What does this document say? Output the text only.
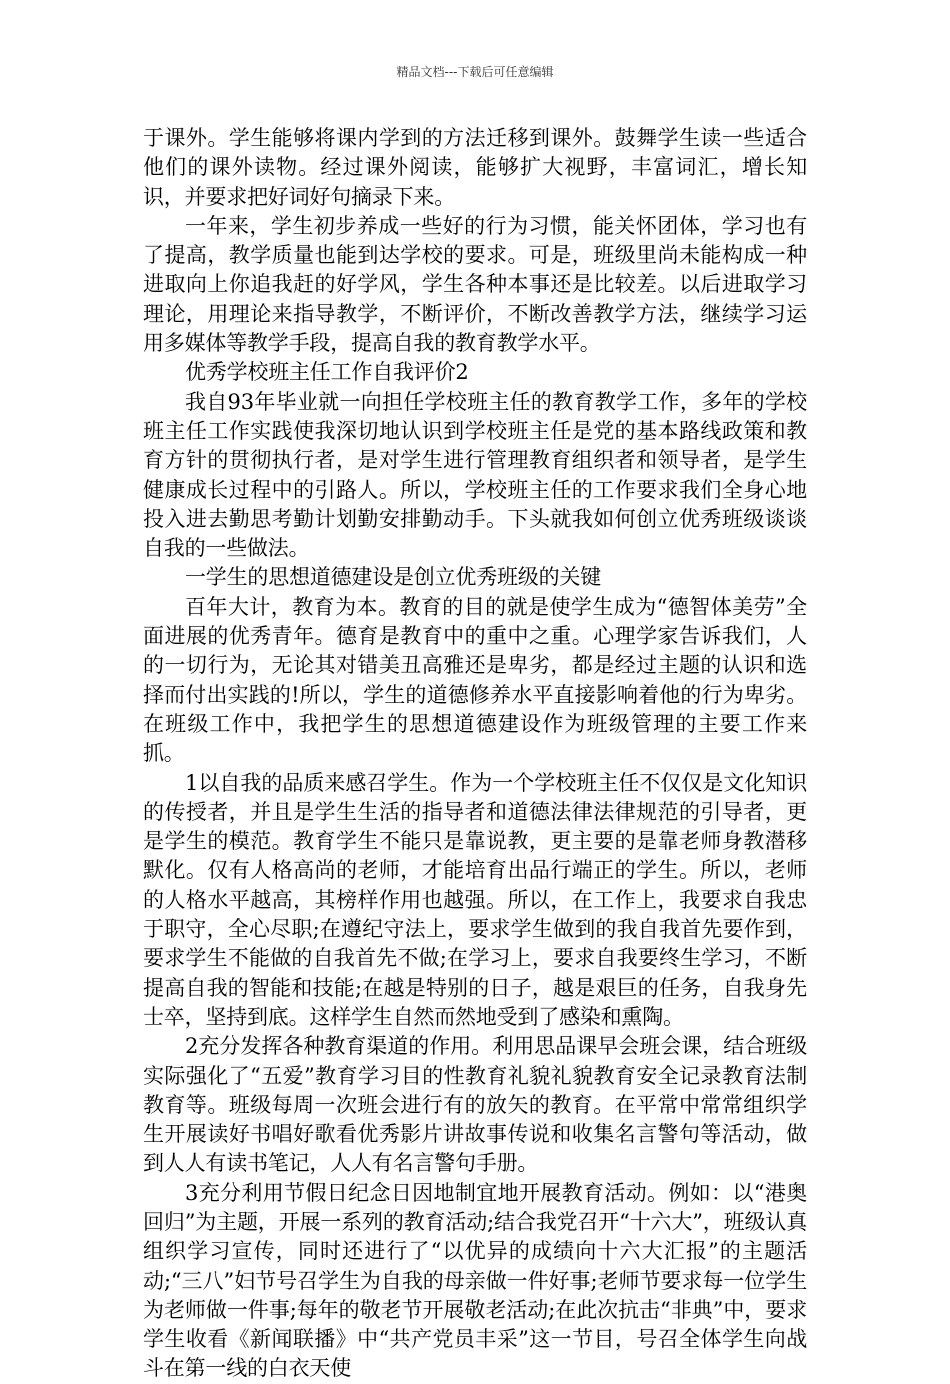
精品文档---下载后可任意编辑

于课外。学生能够将课内学到的方法迁移到课外。鼓舞学生读一些适合他们的课外读物。经过课外阅读，能够扩大视野，丰富词汇，增长知识，并要求把好词好句摘录下来。

一年来，学生初步养成一些好的行为习惯，能关怀团体，学习也有了提高，教学质量也能到达学校的要求。可是，班级里尚未能构成一种进取向上你追我赶的好学风，学生各种本事还是比较差。以后进取学习理论，用理论来指导教学，不断评价，不断改善教学方法，继续学习运用多媒体等教学手段，提高自我的教育教学水平。

优秀学校班主任工作自我评价2

我自93年毕业就一向担任学校班主任的教育教学工作，多年的学校班主任工作实践使我深切地认识到学校班主任是党的基本路线政策和教育方针的贯彻执行者，是对学生进行管理教育组织者和领导者，是学生健康成长过程中的引路人。所以，学校班主任的工作要求我们全身心地投入进去勤思考勤计划勤安排勤动手。下头就我如何创立优秀班级谈谈自我的一些做法。

一学生的思想道德建设是创立优秀班级的关键

百年大计，教育为本。教育的目的就是使学生成为“德智体美劳”全面进展的优秀青年。德育是教育中的重中之重。心理学家告诉我们，人的一切行为，无论其对错美丑高雅还是卑劣，都是经过主题的认识和选择而付出实践的!所以，学生的道德修养水平直接影响着他的行为卑劣。在班级工作中，我把学生的思想道德建设作为班级管理的主要工作来抓。

1以自我的品质来感召学生。作为一个学校班主任不仅仅是文化知识的传授者，并且是学生生活的指导者和道德法律法律规范的引导者，更是学生的模范。教育学生不能只是靠说教，更主要的是靠老师身教潜移默化。仅有人格高尚的老师，才能培育出品行端正的学生。所以，老师的人格水平越高，其榜样作用也越强。所以，在工作上，我要求自我忠于职守，全心尽职;在遵纪守法上，要求学生做到的我自我首先要作到，要求学生不能做的自我首先不做;在学习上，要求自我要终生学习，不断提高自我的智能和技能;在越是特别的日子，越是艰巨的任务，自我身先士卒，坚持到底。这样学生自然而然地受到了感染和熏陶。

2充分发挥各种教育渠道的作用。利用思品课早会班会课，结合班级实际强化了“五爱”教育学习目的性教育礼貌礼貌教育安全记录教育法制教育等。班级每周一次班会进行有的放矢的教育。在平常中常常组织学生开展读好书唱好歌看优秀影片讲故事传说和收集名言警句等活动，做到人人有读书笔记，人人有名言警句手册。

3充分利用节假日纪念日因地制宜地开展教育活动。例如：以“港奥回归”为主题，开展一系列的教育活动;结合我党召开“十六大”，班级认真组织学习宣传，同时还进行了“以优异的成绩向十六大汇报”的主题活动;“三八”妇节号召学生为自我的母亲做一件好事;老师节要求每一位学生为老师做一件事;每年的敬老节开展敬老活动;在此次抗击“非典”中，要求学生收看《新闻联播》中“共产党员丰采”这一节目，号召全体学生向战斗在第一线的白衣天使
